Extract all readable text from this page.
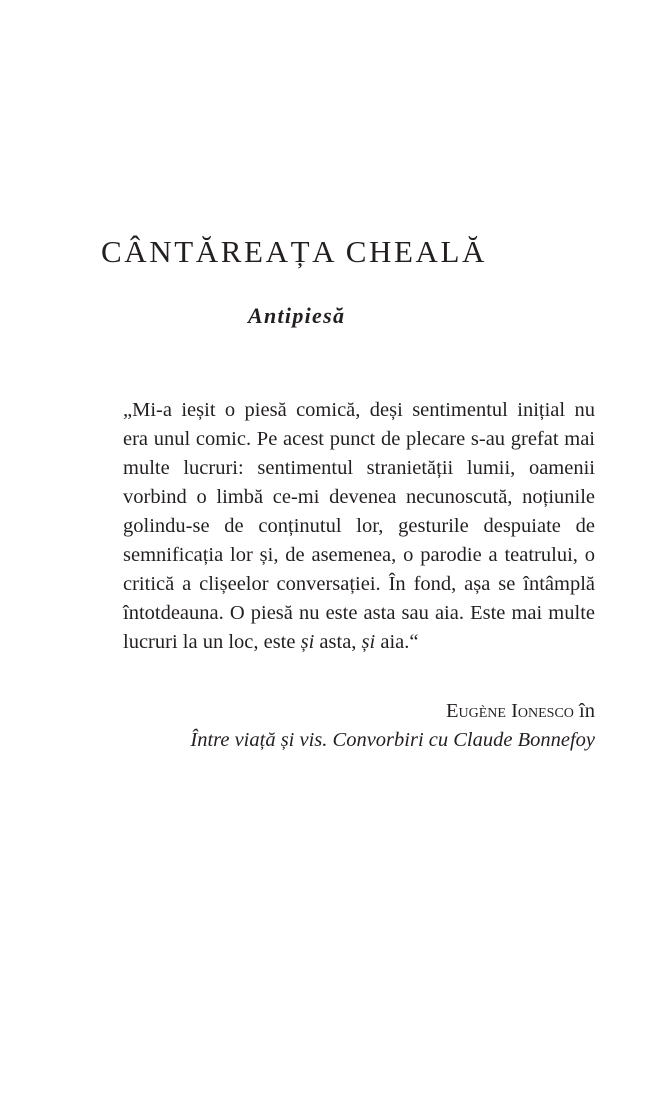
CÂNTĂREAȚA CHEALĂ
Antipiesă
„Mi-a ieșit o piesă comică, deși sentimentul inițial nu
era unul comic. Pe acest punct de plecare s-au grefat mai
multe lucruri: sentimentul stranietății lumii, oamenii
vorbind o limbă ce-mi devenea necunoscută, noțiunile
golindu-se de conținutul lor, gesturile despuiate de
semnificația lor și, de asemenea, o parodie a teatrului, o
critică a clișeelor conversației. În fond, așa se întâmplă
întotdeauna. O piesă nu este asta sau aia. Este mai multe
lucruri la un loc, este și asta, și aia.“
Eugène Ionesco în
Între viață și vis. Convorbiri cu Claude Bonnefoy
